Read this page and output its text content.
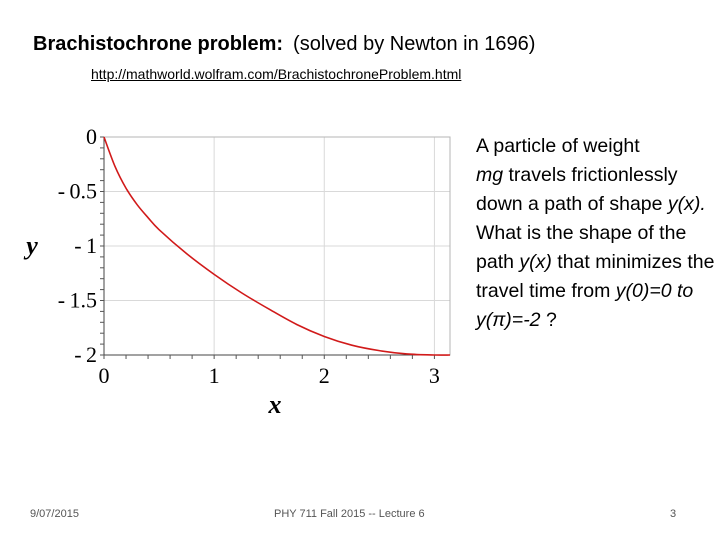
Brachistochrone problem: (solved by Newton in 1696)
http://mathworld.wolfram.com/BrachistochroneProblem.html
0
- 0.5
- 1
- 1.5
- 2
0	1	2	3
x
y
A particle of weight
mg travels frictionlessly down a path of shape y(x). What is the shape of the path y(x) that minimizes the travel time from y(0)=0 to y(π)=-2 ?
9/07/2015	PHY 711 Fall 2015 -- Lecture 6	3
